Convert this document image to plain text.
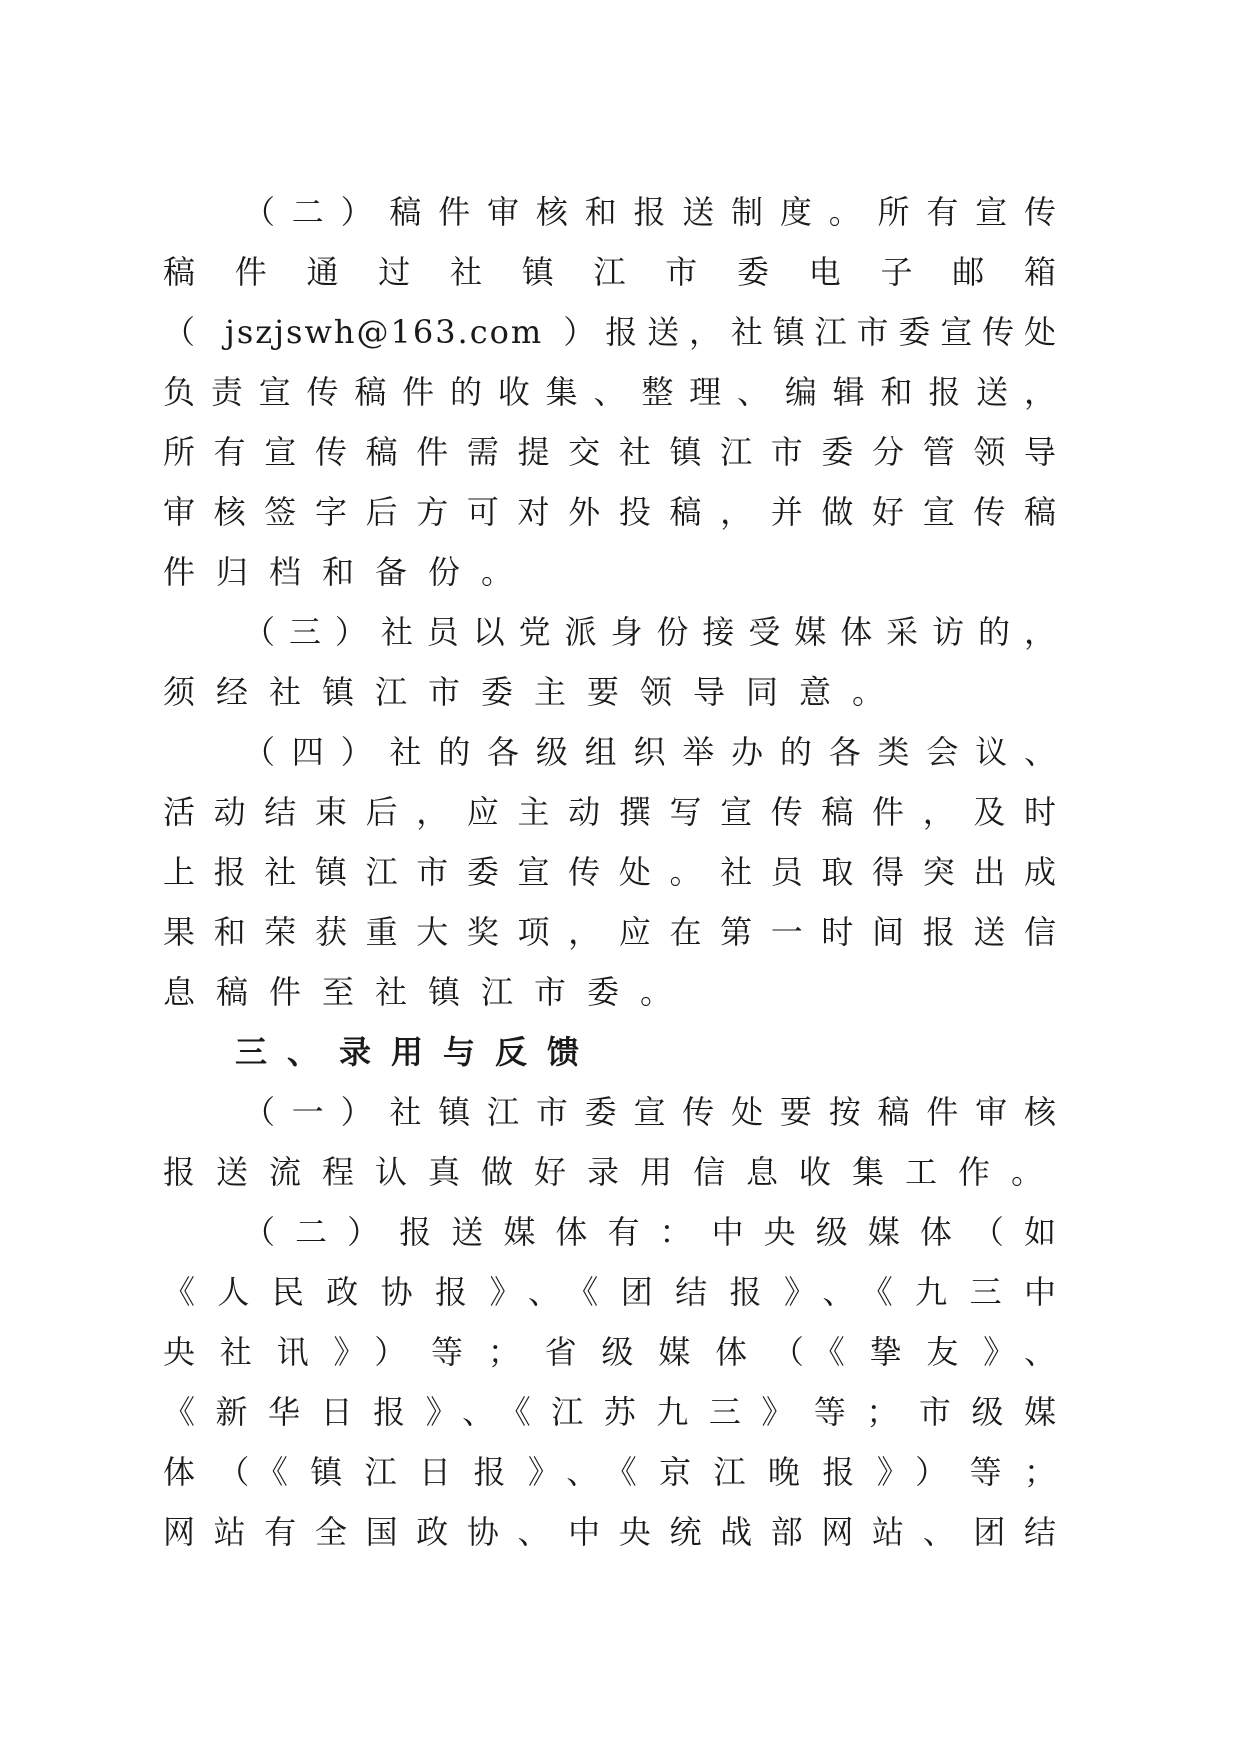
（二）稿件审核和报送制度。所有宣传
稿 件 通 过 社 镇 江 市 委 电 子 邮 箱
（ jszjswh@163.com ）报送，社镇江市委宣传处
负责宣传稿件的收集、整理、编辑和报送，
所有宣传稿件需提交社镇江市委分管领导
审核签字后方可对外投稿，并做好宣传稿
件归档和备份。
（三）社员以党派身份接受媒体采访的，
须经社镇江市委主要领导同意。
（四）社的各级组织举办的各类会议、
活动结束后，应主动撰写宣传稿件，及时
上报社镇江市委宣传处。社员取得突出成
果和荣获重大奖项，应在第一时间报送信
息稿件至社镇江市委。
三、录用与反馈
（一）社镇江市委宣传处要按稿件审核
报送流程认真做好录用信息收集工作。
（二）报送媒体有：中央级媒体（如
《人民政协报》、《团结报》、《九三中
央社讯》）等；省级媒体（《挚友》、
《新华日报》、《江苏九三》等；市级媒
体（《镇江日报》、《京江晚报》）等；
网站有全国政协、中央统战部网站、团结
